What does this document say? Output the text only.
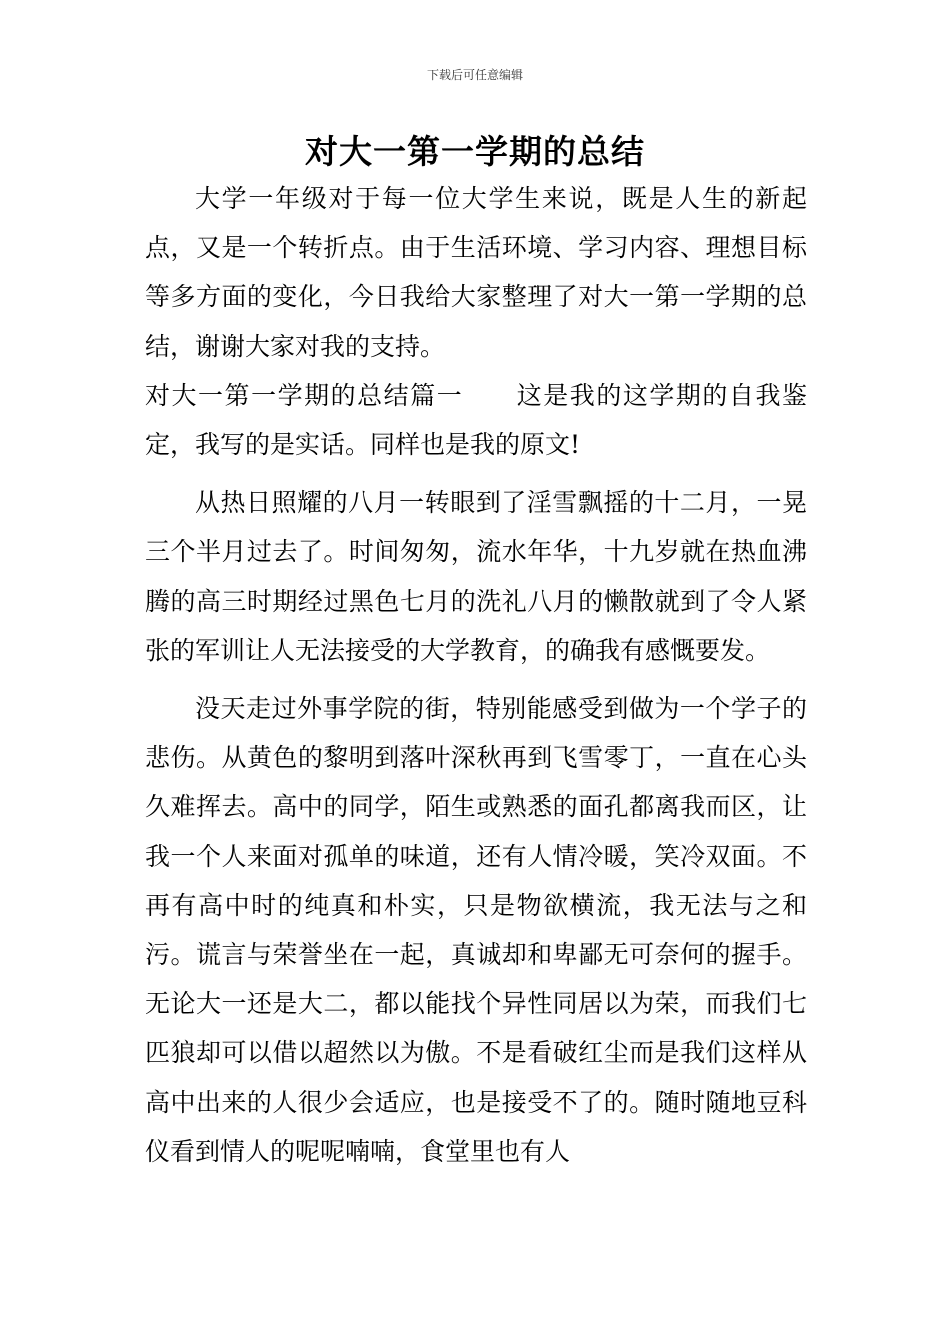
下载后可任意编辑
对大一第一学期的总结

大学一年级对于每一位大学生来说，既是人生的新起点，又是一个转折点。由于生活环境、学习内容、理想目标等多方面的变化，今日我给大家整理了对大一第一学期的总结，谢谢大家对我的支持。

对大一第一学期的总结篇一 这是我的这学期的自我鉴定，我写的是实话。同样也是我的原文!

从热日照耀的八月一转眼到了淫雪飘摇的十二月，一晃三个半月过去了。时间匆匆，流水年华，十九岁就在热血沸腾的高三时期经过黑色七月的洗礼八月的懒散就到了令人紧张的军训让人无法接受的大学教育，的确我有感慨要发。

没天走过外事学院的街，特别能感受到做为一个学子的悲伤。从黄色的黎明到落叶深秋再到飞雪零丁，一直在心头久难挥去。高中的同学，陌生或熟悉的面孔都离我而区，让我一个人来面对孤单的味道，还有人情冷暖，笑冷双面。不再有高中时的纯真和朴实，只是物欲横流，我无法与之和污。谎言与荣誉坐在一起，真诚却和卑鄙无可奈何的握手。无论大一还是大二，都以能找个异性同居以为荣，而我们七匹狼却可以借以超然以为傲。不是看破红尘而是我们这样从高中出来的人很少会适应，也是接受不了的。随时随地豆科仪看到情人的呢呢喃喃，食堂里也有人
